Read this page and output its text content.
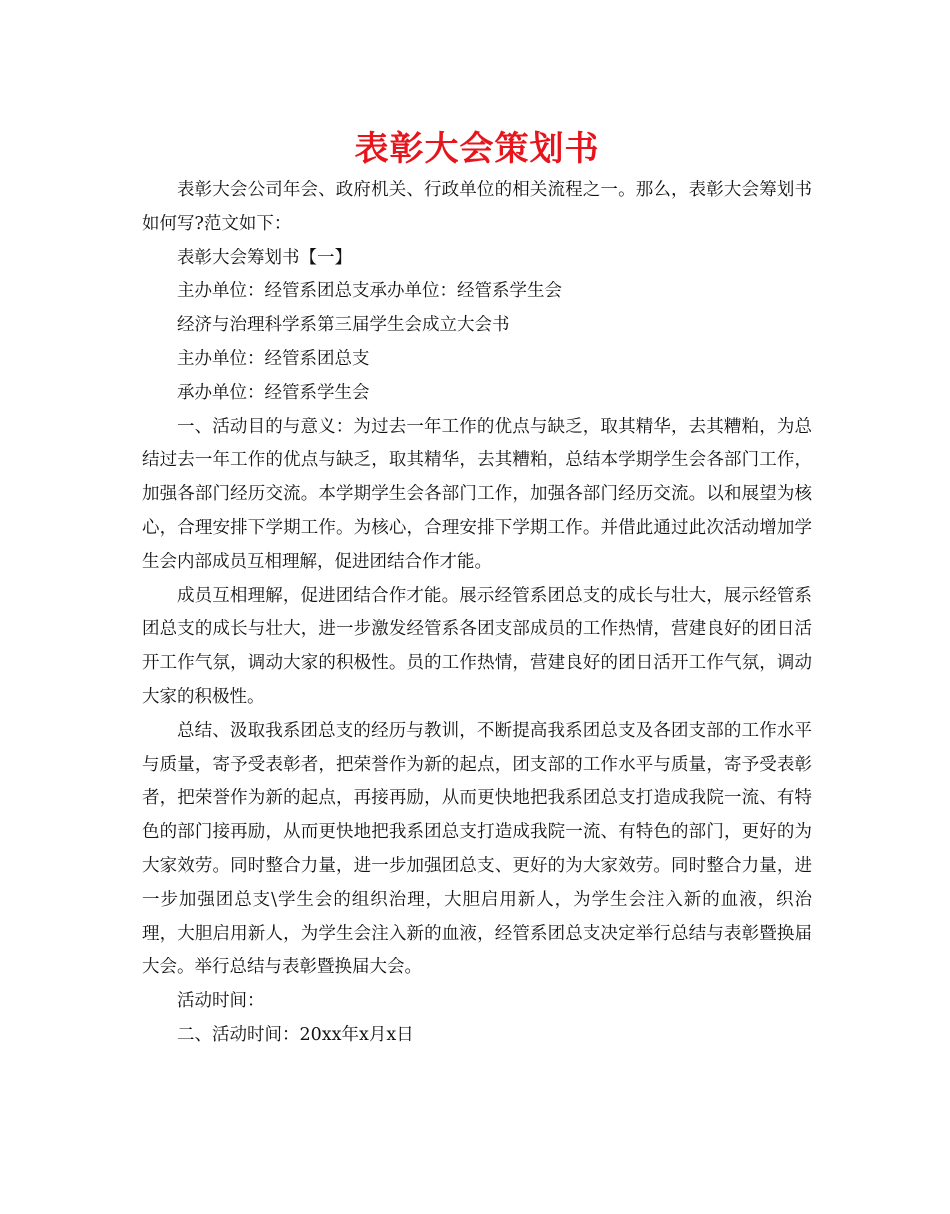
表彰大会策划书

表彰大会公司年会、政府机关、行政单位的相关流程之一。那么，表彰大会筹划书如何写?范文如下：

表彰大会筹划书【一】

主办单位：经管系团总支承办单位：经管系学生会

经济与治理科学系第三届学生会成立大会书

主办单位：经管系团总支

承办单位：经管系学生会

一、活动目的与意义：为过去一年工作的优点与缺乏，取其精华，去其糟粕，为总结过去一年工作的优点与缺乏，取其精华，去其糟粕，总结本学期学生会各部门工作，加强各部门经历交流。本学期学生会各部门工作，加强各部门经历交流。以和展望为核心，合理安排下学期工作。为核心，合理安排下学期工作。并借此通过此次活动增加学生会内部成员互相理解，促进团结合作才能。

成员互相理解，促进团结合作才能。展示经管系团总支的成长与壮大，展示经管系团总支的成长与壮大，进一步激发经管系各团支部成员的工作热情，营建良好的团日活开工作气氛，调动大家的积极性。员的工作热情，营建良好的团日活开工作气氛，调动大家的积极性。

总结、汲取我系团总支的经历与教训，不断提高我系团总支及各团支部的工作水平与质量，寄予受表彰者，把荣誉作为新的起点，团支部的工作水平与质量，寄予受表彰者，把荣誉作为新的起点，再接再励，从而更快地把我系团总支打造成我院一流、有特色的部门接再励，从而更快地把我系团总支打造成我院一流、有特色的部门，更好的为大家效劳。同时整合力量，进一步加强团总支、更好的为大家效劳。同时整合力量，进一步加强团总支\学生会的组织治理，大胆启用新人，为学生会注入新的血液，织治理，大胆启用新人，为学生会注入新的血液，经管系团总支决定举行总结与表彰暨换届大会。举行总结与表彰暨换届大会。

活动时间：

二、活动时间：20xx年x月x日
